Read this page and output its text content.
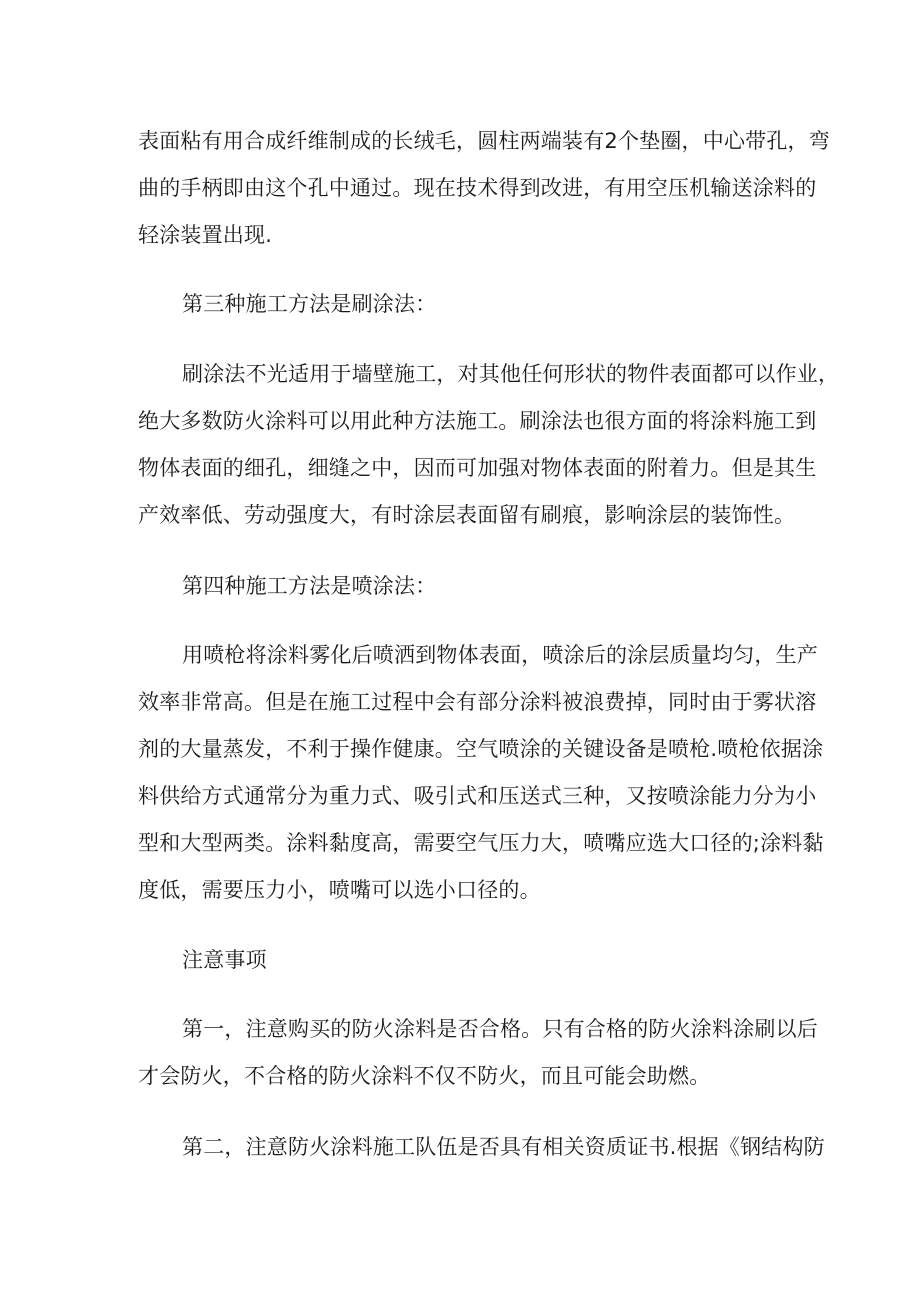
表面粘有用合成纤维制成的长绒毛，圆柱两端装有2个垫圈，中心带孔，弯
曲的手柄即由这个孔中通过。现在技术得到改进，有用空压机输送涂料的
轻涂装置出现.
第三种施工方法是刷涂法：
刷涂法不光适用于墙壁施工，对其他任何形状的物件表面都可以作业，
绝大多数防火涂料可以用此种方法施工。刷涂法也很方面的将涂料施工到
物体表面的细孔，细缝之中，因而可加强对物体表面的附着力。但是其生
产效率低、劳动强度大，有时涂层表面留有刷痕，影响涂层的装饰性。
第四种施工方法是喷涂法：
用喷枪将涂料雾化后喷洒到物体表面，喷涂后的涂层质量均匀，生产
效率非常高。但是在施工过程中会有部分涂料被浪费掉，同时由于雾状溶
剂的大量蒸发，不利于操作健康。空气喷涂的关键设备是喷枪.喷枪依据涂
料供给方式通常分为重力式、吸引式和压送式三种，又按喷涂能力分为小
型和大型两类。涂料黏度高，需要空气压力大，喷嘴应选大口径的;涂料黏
度低，需要压力小，喷嘴可以选小口径的。
注意事项
第一，注意购买的防火涂料是否合格。只有合格的防火涂料涂刷以后
才会防火，不合格的防火涂料不仅不防火，而且可能会助燃。
第二，注意防火涂料施工队伍是否具有相关资质证书.根据《钢结构防
